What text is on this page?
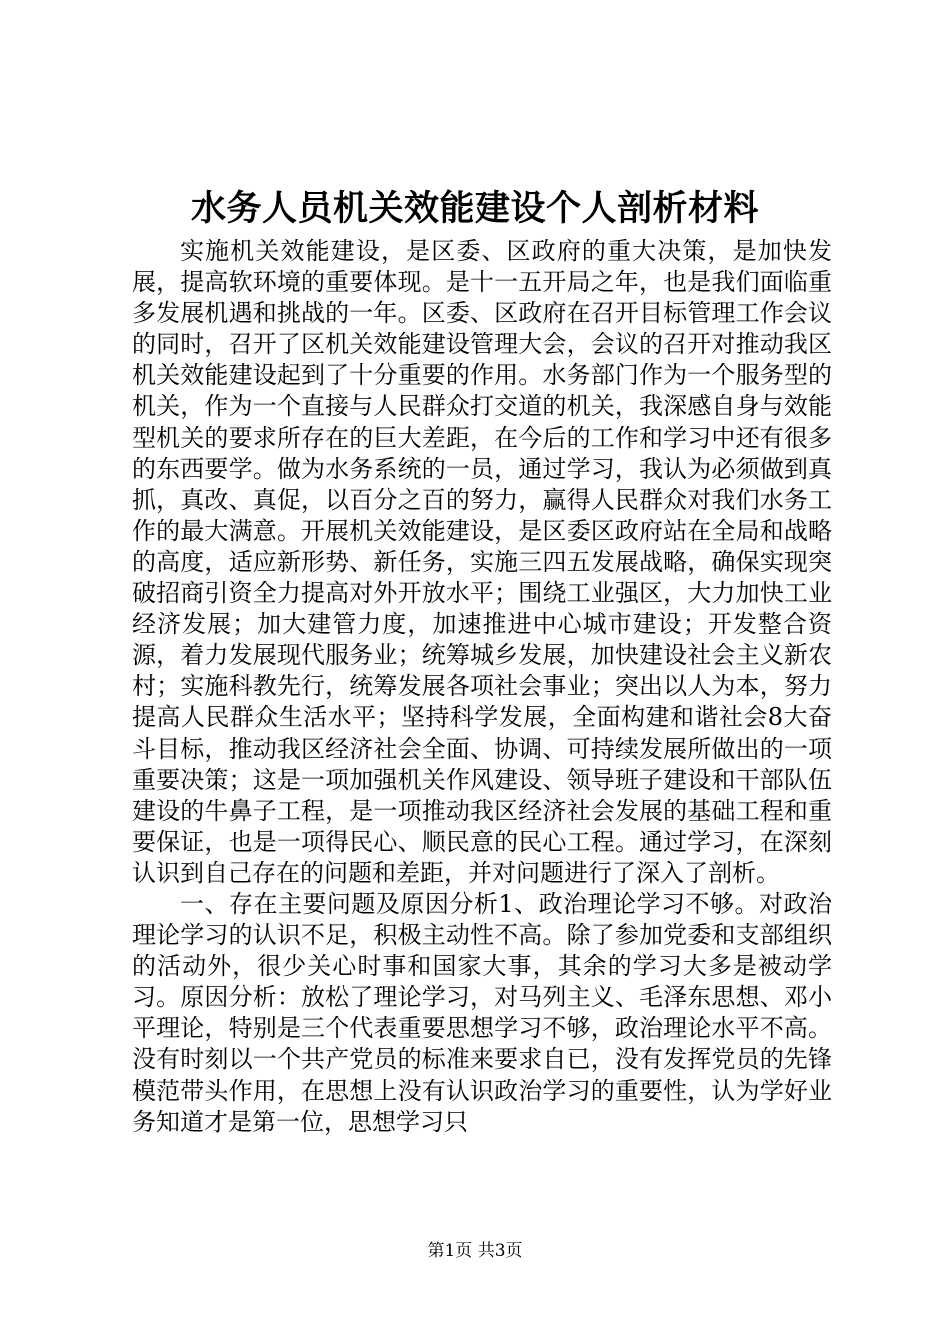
水务人员机关效能建设个人剖析材料

实施机关效能建设，是区委、区政府的重大决策，是加快发展，提高软环境的重要体现。是十一五开局之年，也是我们面临重多发展机遇和挑战的一年。区委、区政府在召开目标管理工作会议的同时，召开了区机关效能建设管理大会，会议的召开对推动我区机关效能建设起到了十分重要的作用。水务部门作为一个服务型的机关，作为一个直接与人民群众打交道的机关，我深感自身与效能型机关的要求所存在的巨大差距，在今后的工作和学习中还有很多的东西要学。做为水务系统的一员，通过学习，我认为必须做到真抓，真改、真促，以百分之百的努力，赢得人民群众对我们水务工作的最大满意。开展机关效能建设，是区委区政府站在全局和战略的高度，适应新形势、新任务，实施三四五发展战略，确保实现突破招商引资全力提高对外开放水平；围绕工业强区，大力加快工业经济发展；加大建管力度，加速推进中心城市建设；开发整合资源，着力发展现代服务业；统筹城乡发展，加快建设社会主义新农村；实施科教先行，统筹发展各项社会事业；突出以人为本，努力提高人民群众生活水平；坚持科学发展，全面构建和谐社会8大奋斗目标，推动我区经济社会全面、协调、可持续发展所做出的一项重要决策；这是一项加强机关作风建设、领导班子建设和干部队伍建设的牛鼻子工程，是一项推动我区经济社会发展的基础工程和重要保证，也是一项得民心、顺民意的民心工程。通过学习，在深刻认识到自己存在的问题和差距，并对问题进行了深入了剖析。

一、存在主要问题及原因分析1、政治理论学习不够。对政治理论学习的认识不足，积极主动性不高。除了参加党委和支部组织的活动外，很少关心时事和国家大事，其余的学习大多是被动学习。原因分析：放松了理论学习，对马列主义、毛泽东思想、邓小平理论，特别是三个代表重要思想学习不够，政治理论水平不高。没有时刻以一个共产党员的标准来要求自已，没有发挥党员的先锋模范带头作用，在思想上没有认识政治学习的重要性，认为学好业务知道才是第一位，思想学习只

第1页 共3页
